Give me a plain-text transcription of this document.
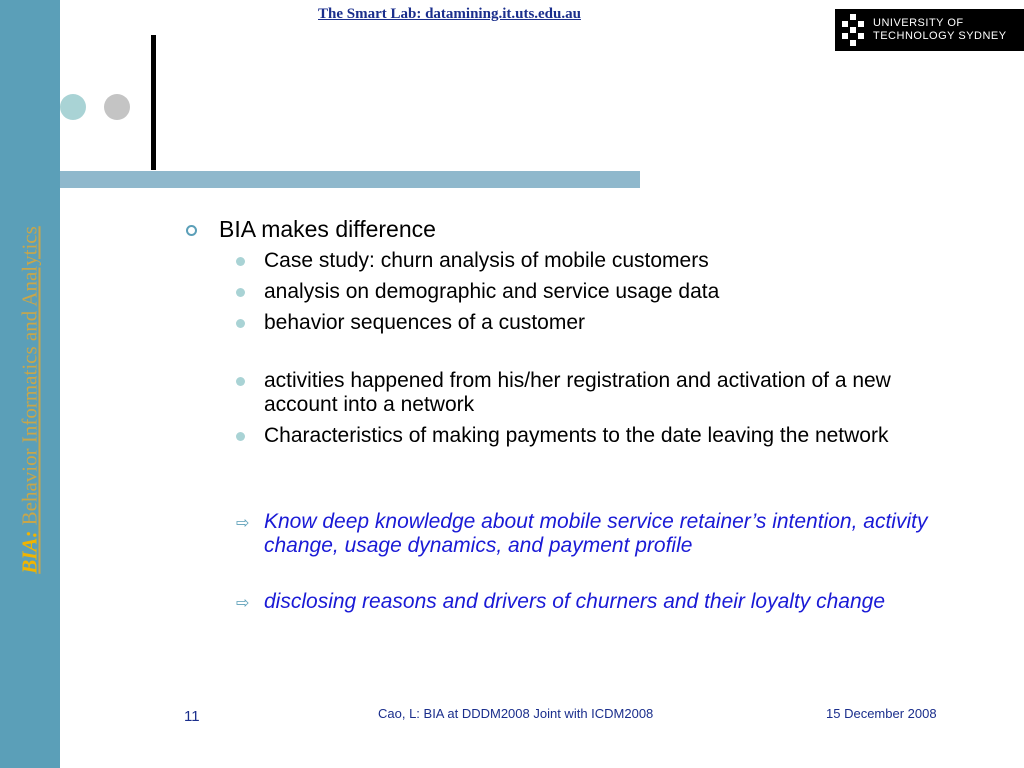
BIA: Behavior Informatics and Analytics
The Smart Lab: datamining.it.uts.edu.au
UNIVERSITY OF
TECHNOLOGY SYDNEY
BIA makes difference
Case study: churn analysis of mobile customers
analysis on demographic and service usage data
behavior sequences of a customer
activities happened from his/her registration and activation of a new account into a network
Characteristics of making payments to the date leaving the network
⇨ Know deep knowledge about mobile service retainer’s intention, activity change, usage dynamics, and payment profile
⇨ disclosing reasons and drivers of churners and their loyalty change
11	Cao, L: BIA at DDDM2008 Joint with ICDM2008	15 December 2008
